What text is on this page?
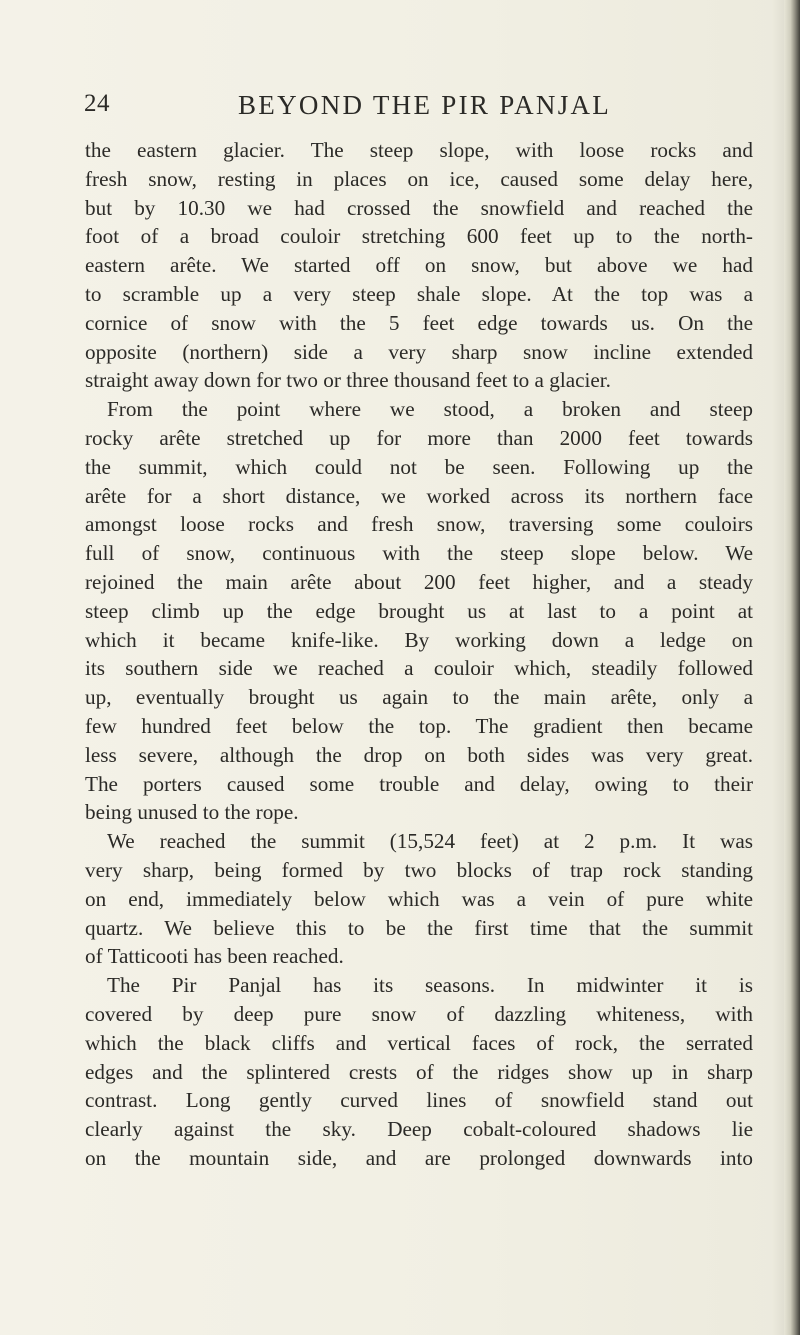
24	BEYOND THE PIR PANJAL
the eastern glacier. The steep slope, with loose rocks and
fresh snow, resting in places on ice, caused some delay here,
but by 10.30 we had crossed the snowfield and reached the
foot of a broad couloir stretching 600 feet up to the north-
eastern arête. We started off on snow, but above we had
to scramble up a very steep shale slope. At the top was a
cornice of snow with the 5 feet edge towards us. On the
opposite (northern) side a very sharp snow incline extended
straight away down for two or three thousand feet to a glacier.
From the point where we stood, a broken and steep
rocky arête stretched up for more than 2000 feet towards
the summit, which could not be seen. Following up the
arête for a short distance, we worked across its northern face
amongst loose rocks and fresh snow, traversing some couloirs
full of snow, continuous with the steep slope below. We
rejoined the main arête about 200 feet higher, and a steady
steep climb up the edge brought us at last to a point at
which it became knife-like. By working down a ledge on
its southern side we reached a couloir which, steadily followed
up, eventually brought us again to the main arête, only a
few hundred feet below the top. The gradient then became
less severe, although the drop on both sides was very great.
The porters caused some trouble and delay, owing to their
being unused to the rope.
We reached the summit (15,524 feet) at 2 p.m. It was
very sharp, being formed by two blocks of trap rock standing
on end, immediately below which was a vein of pure white
quartz. We believe this to be the first time that the summit
of Tatticooti has been reached.
The Pir Panjal has its seasons. In midwinter it is
covered by deep pure snow of dazzling whiteness, with
which the black cliffs and vertical faces of rock, the serrated
edges and the splintered crests of the ridges show up in sharp
contrast. Long gently curved lines of snowfield stand out
clearly against the sky. Deep cobalt-coloured shadows lie
on the mountain side, and are prolonged downwards into
